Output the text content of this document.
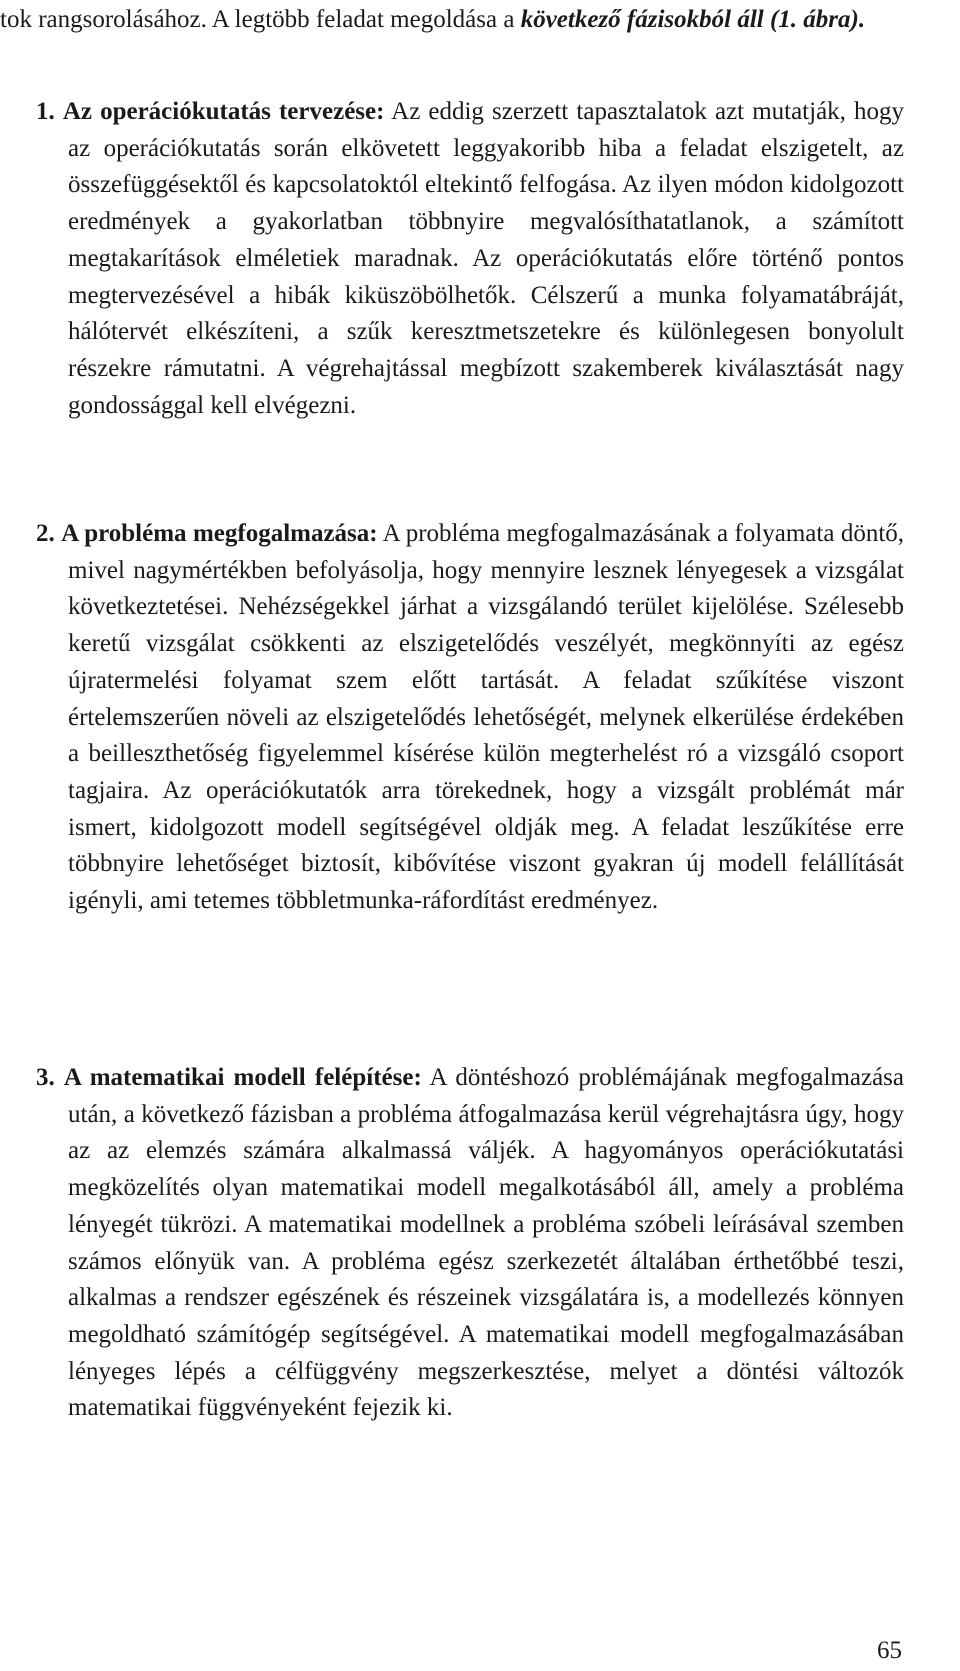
tok rangsorolásához. A legtöbb feladat megoldása a következő fázisokból áll (1. ábra).

1. Az operációkutatás tervezése: Az eddig szerzett tapasztalatok azt mutatják, hogy az operációkutatás során elkövetett leggyakoribb hiba a feladat elszigetelt, az összefüggésektől és kapcsolatoktól eltekintő felfogása. Az ilyen módon kidolgozott eredmények a gyakorlatban többnyire megvalósíthatatlanok, a számított megtakarítások elméletiek maradnak. Az operációkutatás előre történő pontos megtervezésével a hibák kiküszöbölhetők. Célszerű a munka folyamatábráját, hálótervét elkészíteni, a szűk keresztmetszetekre és különlegesen bonyolult részekre rámutatni. A végrehajtással megbízott szakemberek kiválasztását nagy gondossággal kell elvégezni.

2. A probléma megfogalmazása: A probléma megfogalmazásának a folyamata döntő, mivel nagymértékben befolyásolja, hogy mennyire lesznek lényegesek a vizsgálat következtetései. Nehézségekkel járhat a vizsgálandó terület kijelölése. Szélesebb keretű vizsgálat csökkenti az elszigetelődés veszélyét, megkönnyíti az egész újratermelési folyamat szem előtt tartását. A feladat szűkítése viszont értelemszerűen növeli az elszigetelődés lehetőségét, melynek elkerülése érdekében a beilleszthetőség figyelemmel kísérése külön megterhelést ró a vizsgáló csoport tagjaira. Az operációkutatók arra törekednek, hogy a vizsgált problémát már ismert, kidolgozott modell segítségével oldják meg. A feladat leszűkítése erre többnyire lehetőséget biztosít, kibővítése viszont gyakran új modell felállítását igényli, ami tetemes többletmunka-ráfordítást eredményez.

3. A matematikai modell felépítése: A döntéshozó problémájának megfogalmazása után, a következő fázisban a probléma átfogalmazása kerül végrehajtásra úgy, hogy az az elemzés számára alkalmassá váljék. A hagyományos operációkutatási megközelítés olyan matematikai modell megalkotásából áll, amely a probléma lényegét tükrözi. A matematikai modellnek a probléma szóbeli leírásával szemben számos előnyük van. A probléma egész szerkezetét általában érthetőbbé teszi, alkalmas a rendszer egészének és részeinek vizsgálatára is, a modellezés könnyen megoldható számítógép segítségével. A matematikai modell megfogalmazásában lényeges lépés a célfüggvény megszerkesztése, melyet a döntési változók matematikai függvényeként fejezik ki.

65
